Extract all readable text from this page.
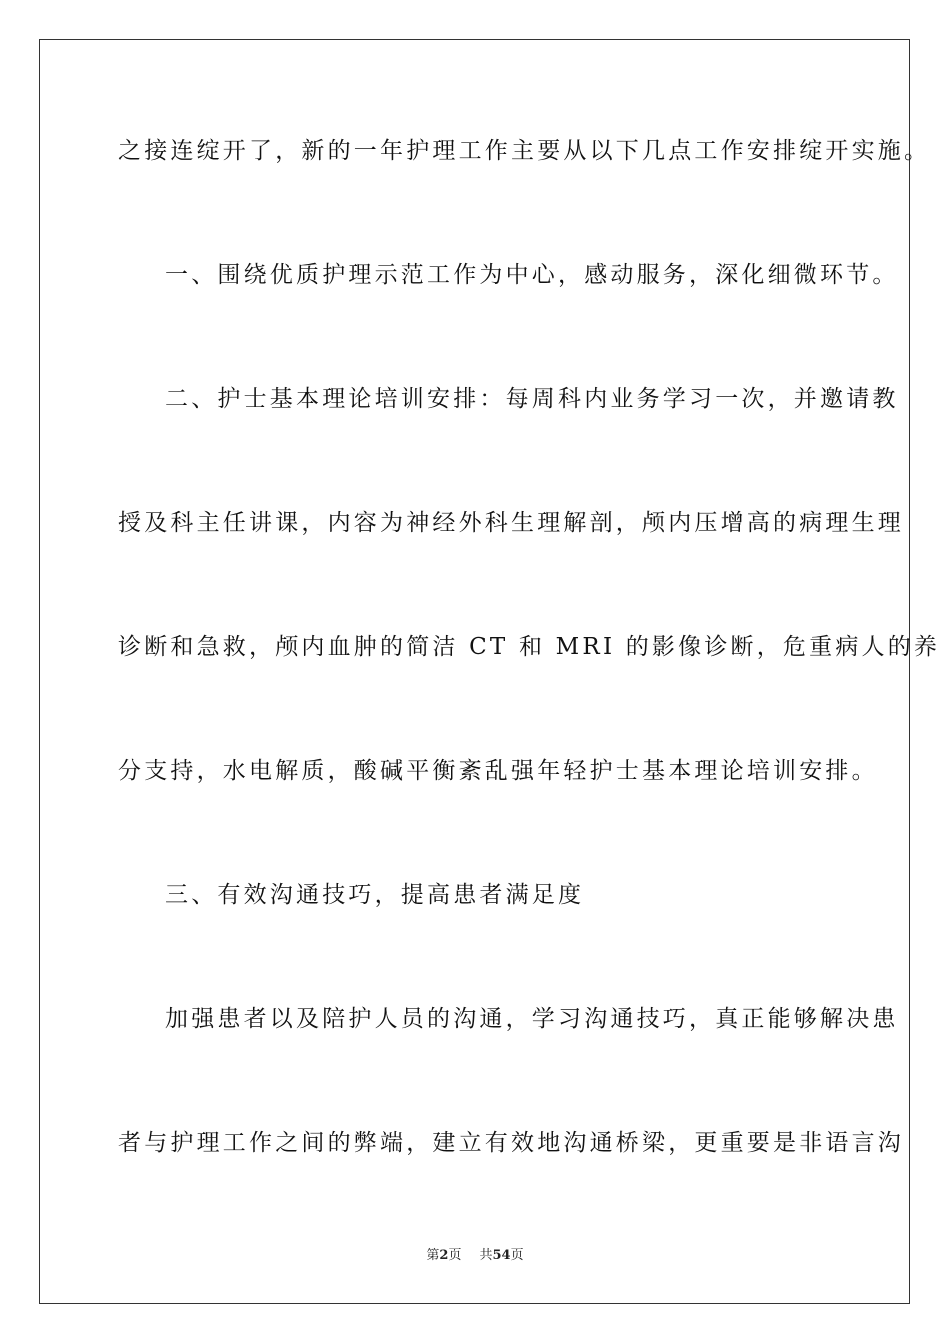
之接连绽开了，新的一年护理工作主要从以下几点工作安排绽开实施。
一、围绕优质护理示范工作为中心，感动服务，深化细微环节。
二、护士基本理论培训安排：每周科内业务学习一次，并邀请教
授及科主任讲课，内容为神经外科生理解剖，颅内压增高的病理生理
诊断和急救，颅内血肿的简洁 CT 和 MRI 的影像诊断，危重病人的养
分支持，水电解质，酸碱平衡紊乱强年轻护士基本理论培训安排。
三、有效沟通技巧，提高患者满足度
加强患者以及陪护人员的沟通，学习沟通技巧，真正能够解决患
者与护理工作之间的弊端，建立有效地沟通桥梁，更重要是非语言沟
第2页 共54页
